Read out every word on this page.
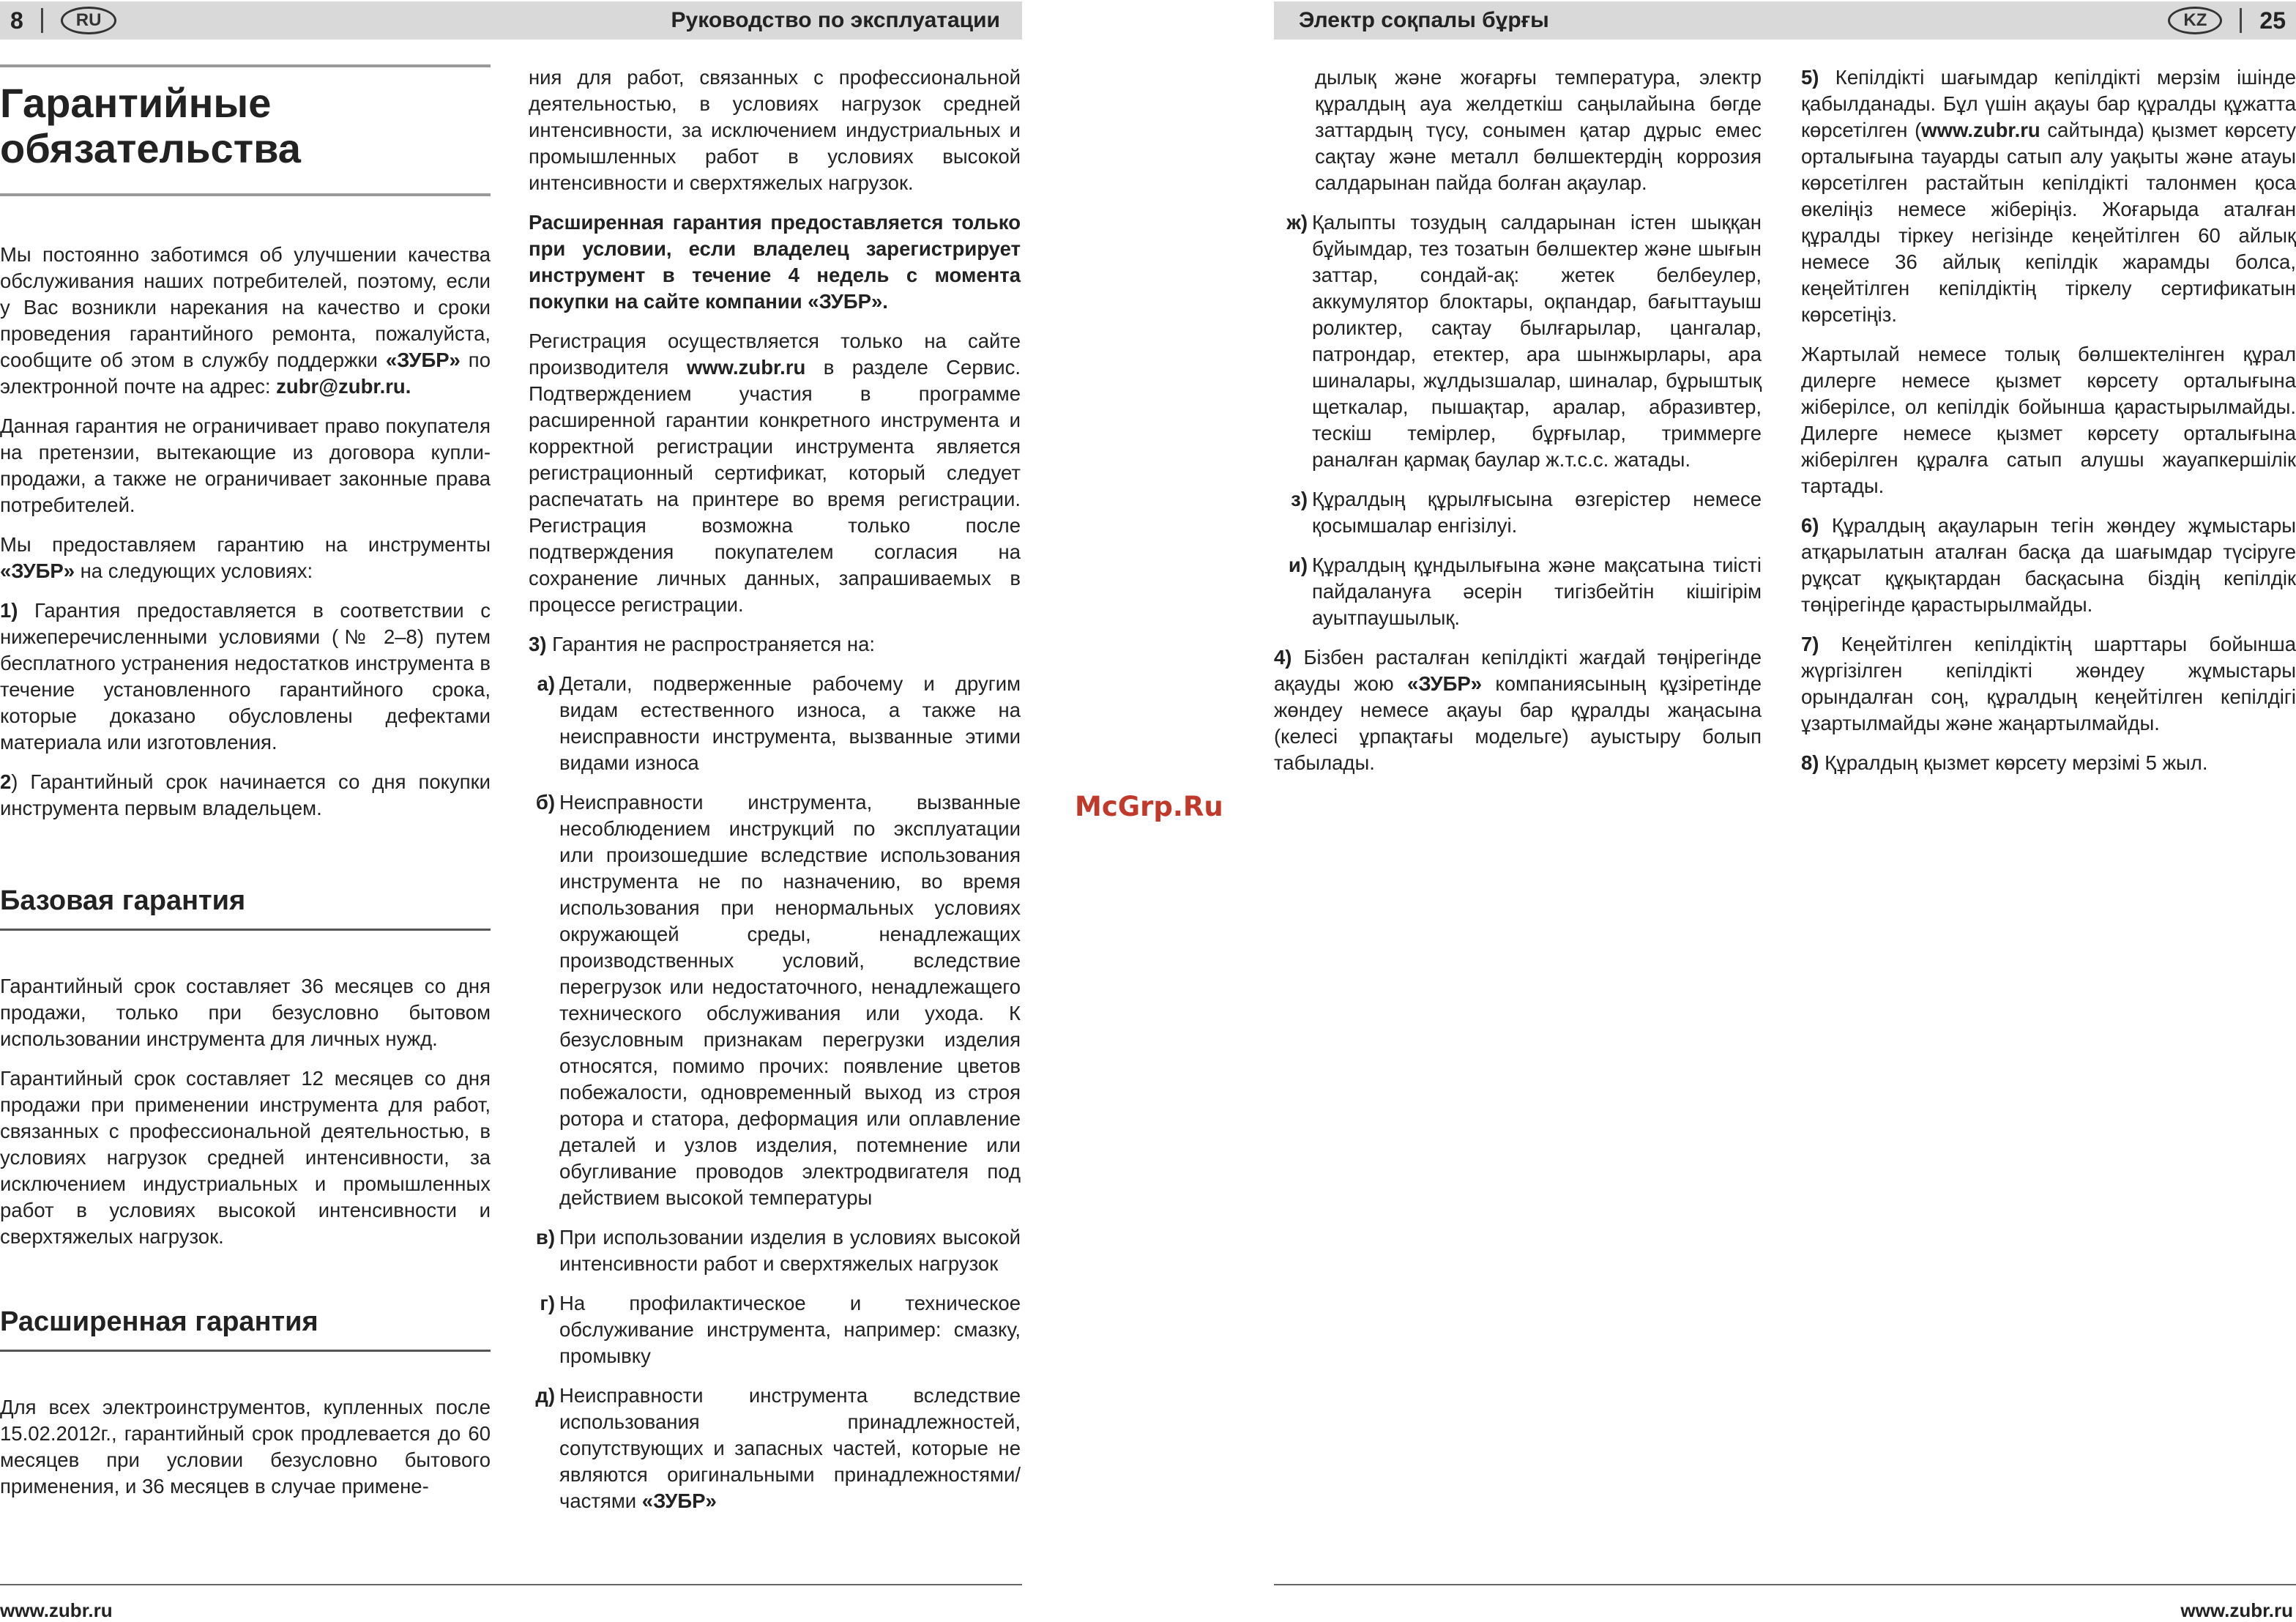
8	RU	Руководство по эксплуатации
Гарантийные
обязательства

Мы постоянно заботимся об улучшении качества обслуживания наших потребителей, поэтому, если у Вас возникли нарекания на качество и сроки проведения гарантийного ремонта, пожалуйста, сообщите об этом в службу поддержки «ЗУБР» по электронной почте на адрес: zubr@zubr.ru.

Данная гарантия не ограничивает право покупателя на претензии, вытекающие из договора купли-продажи, а также не ограничивает законные права потребителей.

Мы предоставляем гарантию на инструменты «ЗУБР» на следующих условиях:

1) Гарантия предоставляется в соответствии с нижеперечисленными условиями (№ 2–8) путем бесплатного устранения недостатков инструмента в течение установленного гарантийного срока, которые доказано обусловлены дефектами материала или изготовления.

2) Гарантийный срок начинается со дня покупки инструмента первым владельцем.

Базовая гарантия

Гарантийный срок составляет 36 месяцев со дня продажи, только при безусловно бытовом использовании инструмента для личных нужд.

Гарантийный срок составляет 12 месяцев со дня продажи при применении инструмента для работ, связанных с профессиональной деятельностью, в условиях нагрузок средней интенсивности, за исключением индустриальных и промышленных работ в условиях высокой интенсивности и сверхтяжелых нагрузок.

Расширенная гарантия

Для всех электроинструментов, купленных после 15.02.2012г., гарантийный срок продлевается до 60 месяцев при условии безусловно бытового применения, и 36 месяцев в случае примене-

ния для работ, связанных с профессиональной деятельностью, в условиях нагрузок средней интенсивности, за исключением индустриальных и промышленных работ в условиях высокой интенсивности и сверхтяжелых нагрузок.

Расширенная гарантия предоставляется только при условии, если владелец зарегистрирует инструмент в течение 4 недель с момента покупки на сайте компании «ЗУБР».

Регистрация осуществляется только на сайте производителя www.zubr.ru в разделе Сервис. Подтверждением участия в программе расширенной гарантии конкретного инструмента и корректной регистрации инструмента является регистрационный сертификат, который следует распечатать на принтере во время регистрации. Регистрация возможна только после подтверждения покупателем согласия на сохранение личных данных, запрашиваемых в процессе регистрации.

3) Гарантия не распространяется на:

а) Детали, подверженные рабочему и другим видам естественного износа, а также на неисправности инструмента, вызванные этими видами износа
б) Неисправности инструмента, вызванные несоблюдением инструкций по эксплуатации или произошедшие вследствие использования инструмента не по назначению, во время использования при ненормальных условиях окружающей среды, ненадлежащих производственных условий, вследствие перегрузок или недостаточного, ненадлежащего технического обслуживания или ухода. К безусловным признакам перегрузки изделия относятся, помимо прочих: появление цветов побежалости, одновременный выход из строя ротора и статора, деформация или оплавление деталей и узлов изделия, потемнение или обугливание проводов электродвигателя под действием высокой температуры
в) При использовании изделия в условиях высокой интенсивности работ и сверхтяжелых нагрузок
г) На профилактическое и техническое обслуживание инструмента, например: смазку, промывку
д) Неисправности инструмента вследствие использования принадлежностей, сопутствующих и запасных частей, которые не являются оригинальными принадлежностями/частями «ЗУБР»
www.zubr.ru
McGrp.Ru
Электр соқпалы бұрғы	KZ	25

дылық және жоғарғы температура, электр құралдың ауа желдеткіш саңылайына бөгде заттардың түсу, сонымен қатар дұрыс емес сақтау және металл бөлшектердің коррозия салдарынан пайда болған ақаулар.

ж) Қалыпты тозудың салдарынан істен шыққан бұйымдар, тез тозатын бөлшектер және шығын заттар, сондай-ақ: жетек белбеулер, аккумулятор блоктары, оқпандар, бағыттауыш роликтер, сақтау былғарылар, цангалар, патрондар, етектер, ара шынжырлары, ара шиналары, жұлдызшалар, шиналар, бұрыштық щеткалар, пышақтар, аралар, абразивтер, тескіш темірлер, бұрғылар, триммерге раналған қармақ баулар ж.т.с.с. жатады.
з) Құралдың құрылғысына өзгерістер немесе қосымшалар енгізілуі.
и) Құралдың құндылығына және мақсатына тиісті пайдалануға әсерін тигізбейтін кішігірім ауытпаушылық.

4) Бізбен расталған кепілдікті жағдай төңірегінде ақауды жою «ЗУБР» компаниясының құзіретінде жөндеу немесе ақауы бар құралды жаңасына (келесі ұрпақтағы модельге) ауыстыру болып табылады.

5) Кепілдікті шағымдар кепілдікті мерзім ішінде қабылданады. Бұл үшін ақауы бар құралды құжатта көрсетілген (www.zubr.ru сайтында) қызмет көрсету орталығына тауарды сатып алу уақыты және атауы көрсетілген растайтын кепілдікті талонмен қоса өкеліңіз немесе жіберіңіз. Жоғарыда аталған құралды тіркеу негізінде кеңейтілген 60 айлық немесе 36 айлық кепілдік жарамды болса, кеңейтілген кепілдіктің тіркелу сертификатын көрсетіңіз.

Жартылай немесе толық бөлшектелінген құрал дилерге немесе қызмет көрсету орталығына жіберілсе, ол кепілдік бойынша қарастырылмайды. Дилерге немесе қызмет көрсету орталығына жіберілген құралға сатып алушы жауапкершілік тартады.

6) Құралдың ақауларын тегін жөндеу жұмыстары атқарылатын аталған басқа да шағымдар түсіруге рұқсат құқықтардан басқасына біздің кепілдік төңірегінде қарастырылмайды.

7) Кеңейтілген кепілдіктің шарттары бойынша жүргізілген кепілдікті жөндеу жұмыстары орындалған соң, құралдың кеңейтілген кепілдігі ұзартылмайды және жаңартылмайды.

8) Құралдың қызмет көрсету мерзімі 5 жыл.

www.zubr.ru
